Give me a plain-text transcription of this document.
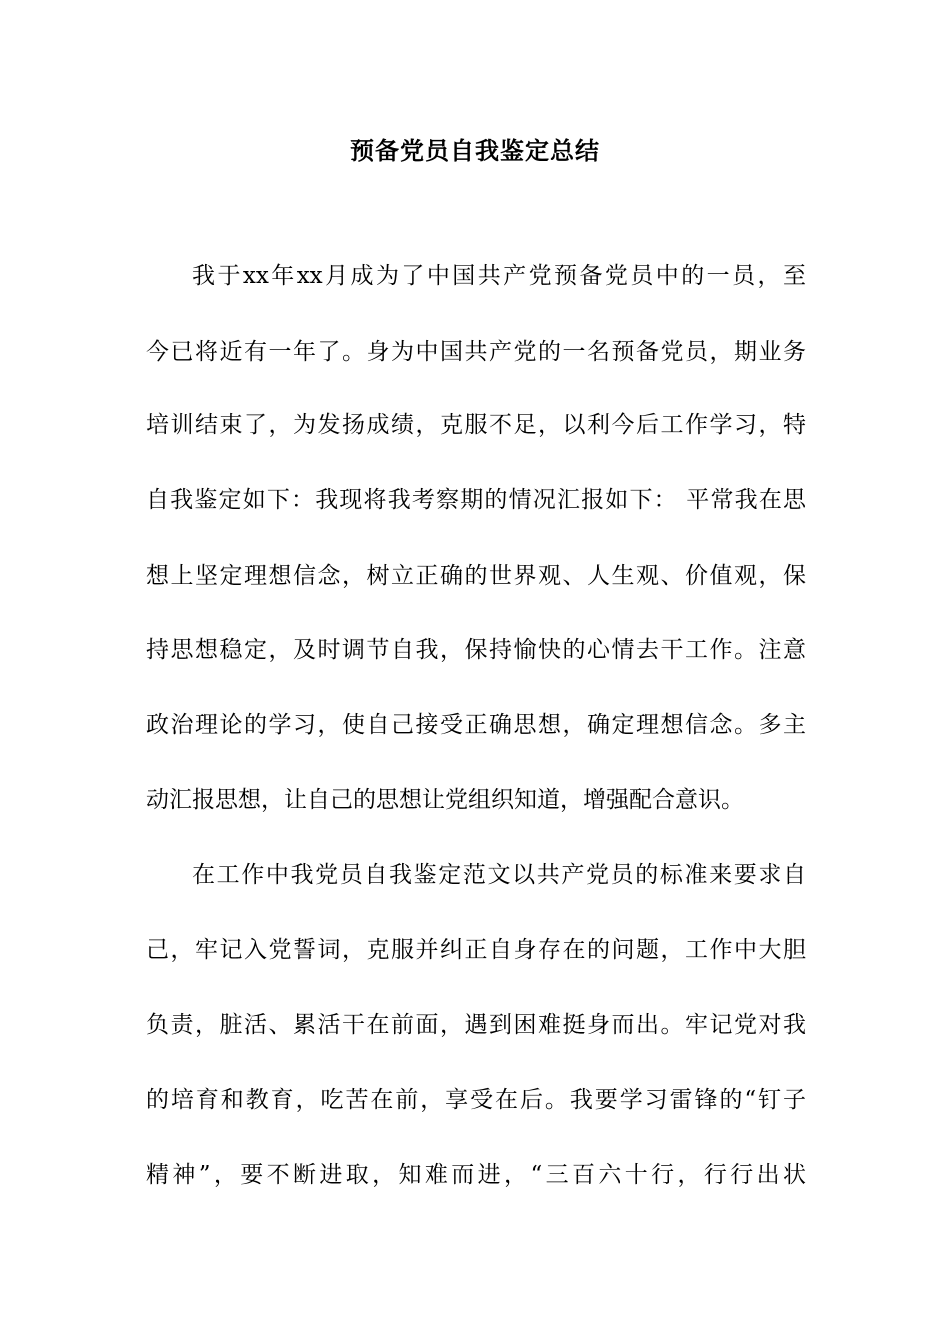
预备党员自我鉴定总结
我于xx年xx月成为了中国共产党预备党员中的一员，至
今已将近有一年了。身为中国共产党的一名预备党员，期业务
培训结束了，为发扬成绩，克服不足，以利今后工作学习，特
自我鉴定如下：我现将我考察期的情况汇报如下： 平常我在思
想上坚定理想信念，树立正确的世界观、人生观、价值观，保
持思想稳定，及时调节自我，保持愉快的心情去干工作。注意
政治理论的学习，使自己接受正确思想，确定理想信念。多主
动汇报思想，让自己的思想让党组织知道，增强配合意识。
在工作中我党员自我鉴定范文以共产党员的标准来要求自
己，牢记入党誓词，克服并纠正自身存在的问题，工作中大胆
负责，脏活、累活干在前面，遇到困难挺身而出。牢记党对我
的培育和教育，吃苦在前，享受在后。我要学习雷锋的“钉子
精神”，要不断进取，知难而进，“三百六十行，行行出状
